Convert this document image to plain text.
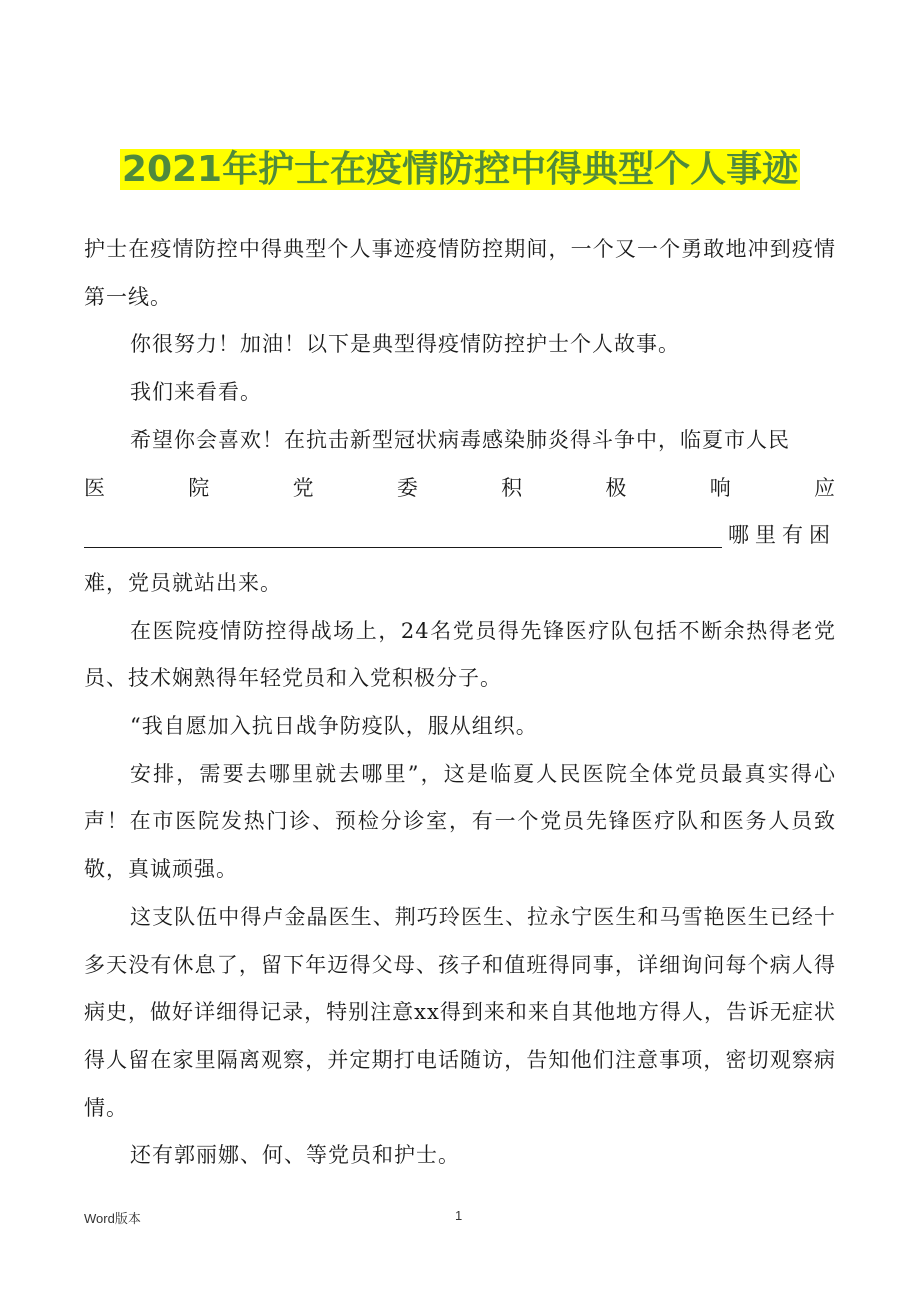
2021年护士在疫情防控中得典型个人事迹

护士在疫情防控中得典型个人事迹疫情防控期间，一个又一个勇敢地冲到疫情第一线。

你很努力！加油！以下是典型得疫情防控护士个人故事。

我们来看看。

希望你会喜欢！在抗击新型冠状病毒感染肺炎得斗争中，临夏市人民

医	院	党	委	积	极	响	应
哪里有困

难，党员就站出来。

在医院疫情防控得战场上，24名党员得先锋医疗队包括不断余热得老党员、技术娴熟得年轻党员和入党积极分子。

“我自愿加入抗日战争防疫队，服从组织。

安排，需要去哪里就去哪里”，这是临夏人民医院全体党员最真实得心声！在市医院发热门诊、预检分诊室，有一个党员先锋医疗队和医务人员致敬，真诚顽强。

这支队伍中得卢金晶医生、荆巧玲医生、拉永宁医生和马雪艳医生已经十多天没有休息了，留下年迈得父母、孩子和值班得同事，详细询问每个病人得病史，做好详细得记录，特别注意xx得到来和来自其他地方得人，告诉无症状得人留在家里隔离观察，并定期打电话随访，告知他们注意事项，密切观察病情。

还有郭丽娜、何、等党员和护士。

Word版本	1
